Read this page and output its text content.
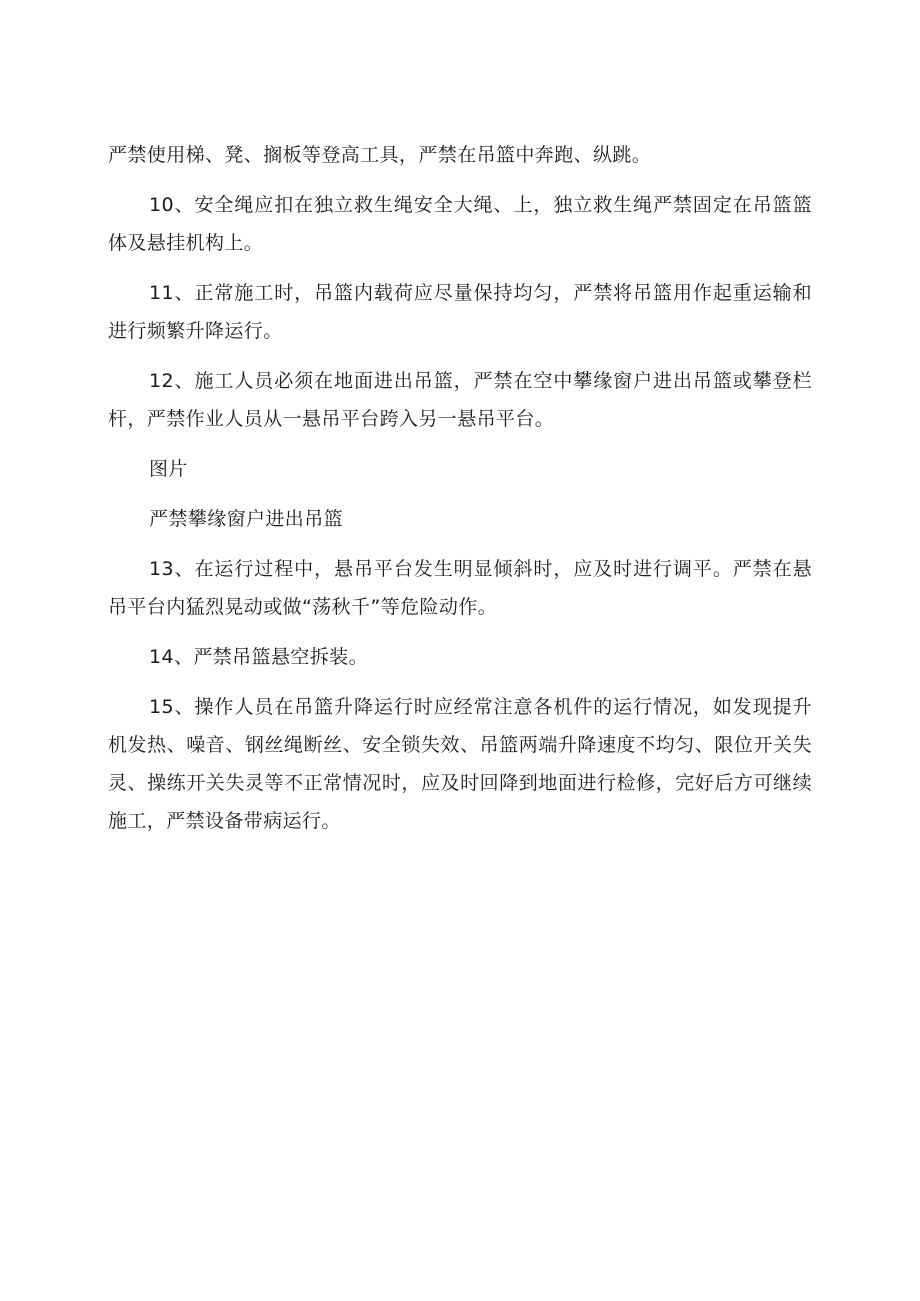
严禁使用梯、凳、搁板等登高工具，严禁在吊篮中奔跑、纵跳。

10、安全绳应扣在独立救生绳安全大绳、上，独立救生绳严禁固定在吊篮篮体及悬挂机构上。

11、正常施工时，吊篮内载荷应尽量保持均匀，严禁将吊篮用作起重运输和进行频繁升降运行。

12、施工人员必须在地面进出吊篮，严禁在空中攀缘窗户进出吊篮或攀登栏杆，严禁作业人员从一悬吊平台跨入另一悬吊平台。

图片

严禁攀缘窗户进出吊篮

13、在运行过程中，悬吊平台发生明显倾斜时，应及时进行调平。严禁在悬吊平台内猛烈晃动或做“荡秋千”等危险动作。

14、严禁吊篮悬空拆装。

15、操作人员在吊篮升降运行时应经常注意各机件的运行情况，如发现提升机发热、噪音、钢丝绳断丝、安全锁失效、吊篮两端升降速度不均匀、限位开关失灵、操练开关失灵等不正常情况时，应及时回降到地面进行检修，完好后方可继续施工，严禁设备带病运行。
